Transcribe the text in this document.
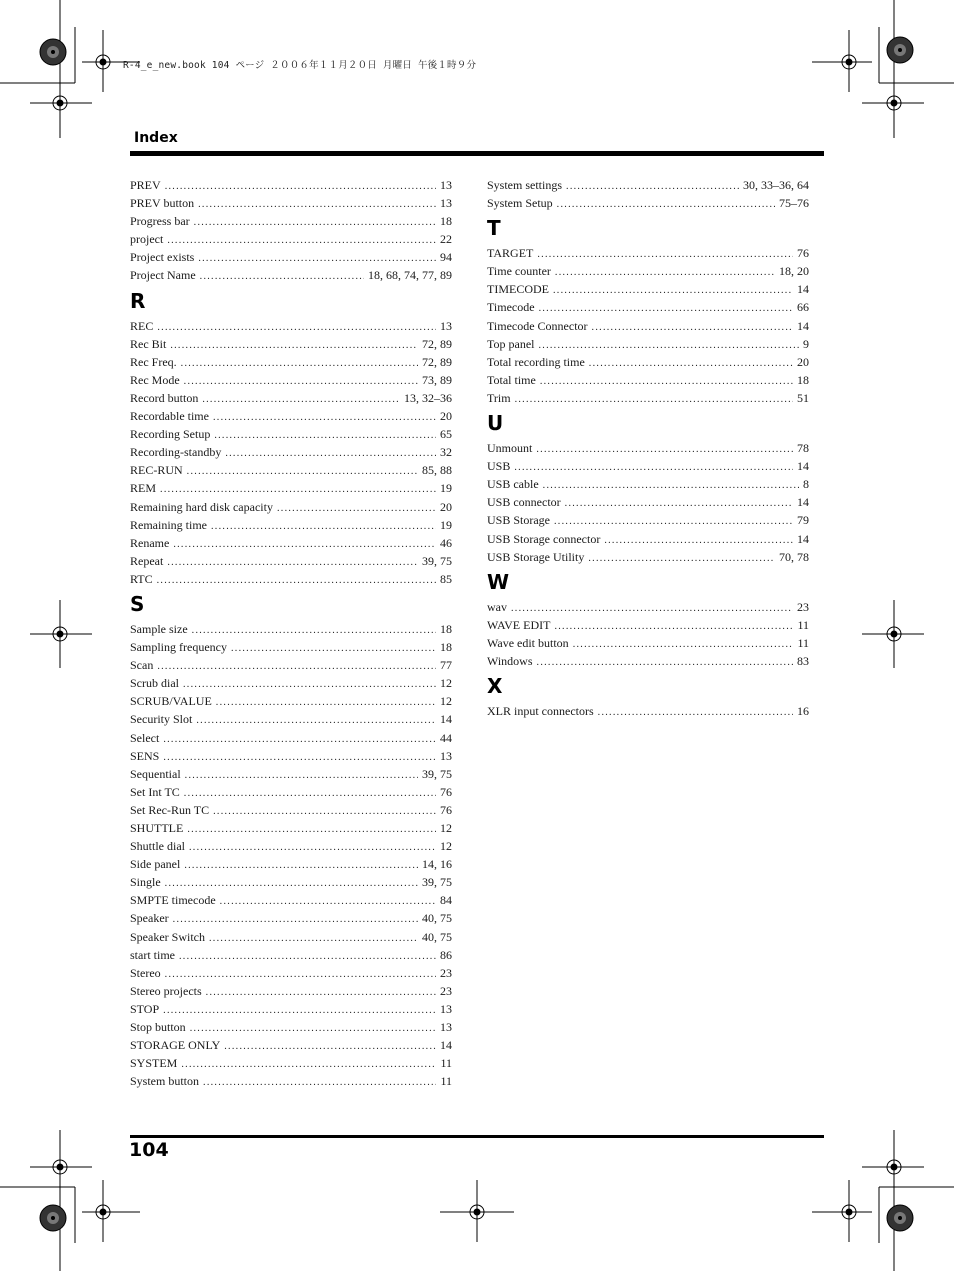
R-4_e_new.book 104 ページ ２００６年１１月２０日 月曜日 午後１時９分
Index
PREV .....	13
PREV button .....	13
Progress bar .....	18
project .....	22
Project exists .....	94
Project Name .....	18, 68, 74, 77, 89
R
REC .....	13
Rec Bit .....	72, 89
Rec Freq. .....	72, 89
Rec Mode .....	73, 89
Record button .....	13, 32–36
Recordable time .....	20
Recording Setup .....	65
Recording-standby .....	32
REC-RUN .....	85, 88
REM .....	19
Remaining hard disk capacity .....	20
Remaining time .....	19
Rename .....	46
Repeat .....	39, 75
RTC .....	85
S
Sample size .....	18
Sampling frequency .....	18
Scan .....	77
Scrub dial .....	12
SCRUB/VALUE .....	12
Security Slot .....	14
Select .....	44
SENS .....	13
Sequential .....	39, 75
Set Int TC .....	76
Set Rec-Run TC .....	76
SHUTTLE .....	12
Shuttle dial .....	12
Side panel .....	14, 16
Single .....	39, 75
SMPTE timecode .....	84
Speaker .....	40, 75
Speaker Switch .....	40, 75
start time .....	86
Stereo .....	23
Stereo projects .....	23
STOP .....	13
Stop button .....	13
STORAGE ONLY .....	14
SYSTEM .....	11
System button .....	11
System settings .....	30, 33–36, 64
System Setup .....	75–76
T
TARGET .....	76
Time counter .....	18, 20
TIMECODE .....	14
Timecode .....	66
Timecode Connector .....	14
Top panel .....	9
Total recording time .....	20
Total time .....	18
Trim .....	51
U
Unmount .....	78
USB .....	14
USB cable .....	8
USB connector .....	14
USB Storage .....	79
USB Storage connector .....	14
USB Storage Utility .....	70, 78
W
wav .....	23
WAVE EDIT .....	11
Wave edit button .....	11
Windows .....	83
X
XLR input connectors .....	16
104
